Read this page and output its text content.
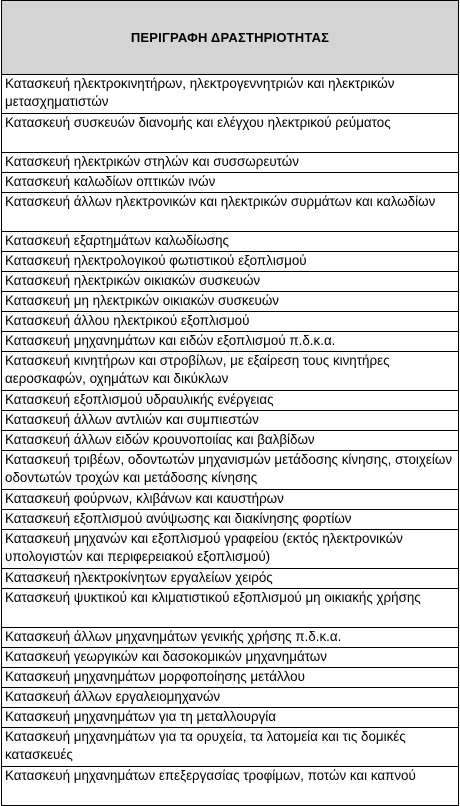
ΠΕΡΙΓΡΑΦΗ ΔΡΑΣΤΗΡΙΟΤΗΤΑΣ
Κατασκευή ηλεκτροκινητήρων, ηλεκτρογεννητριών και ηλεκτρικών μετασχηματιστών
Κατασκευή συσκευών διανομής και ελέγχου ηλεκτρικού ρεύματος
Κατασκευή ηλεκτρικών στηλών και συσσωρευτών
Κατασκευή καλωδίων οπτικών ινών
Κατασκευή άλλων ηλεκτρονικών και ηλεκτρικών συρμάτων και καλωδίων
Κατασκευή εξαρτημάτων καλωδίωσης
Κατασκευή ηλεκτρολογικού φωτιστικού εξοπλισμού
Κατασκευή ηλεκτρικών οικιακών συσκευών
Κατασκευή μη ηλεκτρικών οικιακών συσκευών
Κατασκευή άλλου ηλεκτρικού εξοπλισμού
Κατασκευή μηχανημάτων και ειδών εξοπλισμού π.δ.κ.α.
Κατασκευή κινητήρων και στροβίλων, με εξαίρεση τους κινητήρες αεροσκαφών, οχημάτων και δικύκλων
Κατασκευή εξοπλισμού υδραυλικής ενέργειας
Κατασκευή άλλων αντλιών και συμπιεστών
Κατασκευή άλλων ειδών κρουνοποιίας και βαλβίδων
Κατασκευή τριβέων, οδοντωτών μηχανισμών μετάδοσης κίνησης, στοιχείων οδοντωτών τροχών και μετάδοσης κίνησης
Κατασκευή φούρνων, κλιβάνων και καυστήρων
Κατασκευή εξοπλισμού ανύψωσης και διακίνησης φορτίων
Κατασκευή μηχανών και εξοπλισμού γραφείου (εκτός ηλεκτρονικών υπολογιστών και περιφερειακού εξοπλισμού)
Κατασκευή ηλεκτροκίνητων εργαλείων χειρός
Κατασκευή ψυκτικού και κλιματιστικού εξοπλισμού μη οικιακής χρήσης
Κατασκευή άλλων μηχανημάτων γενικής χρήσης π.δ.κ.α.
Κατασκευή γεωργικών και δασοκομικών μηχανημάτων
Κατασκευή μηχανημάτων μορφοποίησης μετάλλου
Κατασκευή άλλων εργαλειομηχανών
Κατασκευή μηχανημάτων για τη μεταλλουργία
Κατασκευή μηχανημάτων για τα ορυχεία, τα λατομεία και τις δομικές κατασκευές
Κατασκευή μηχανημάτων επεξεργασίας τροφίμων, ποτών και καπνού
